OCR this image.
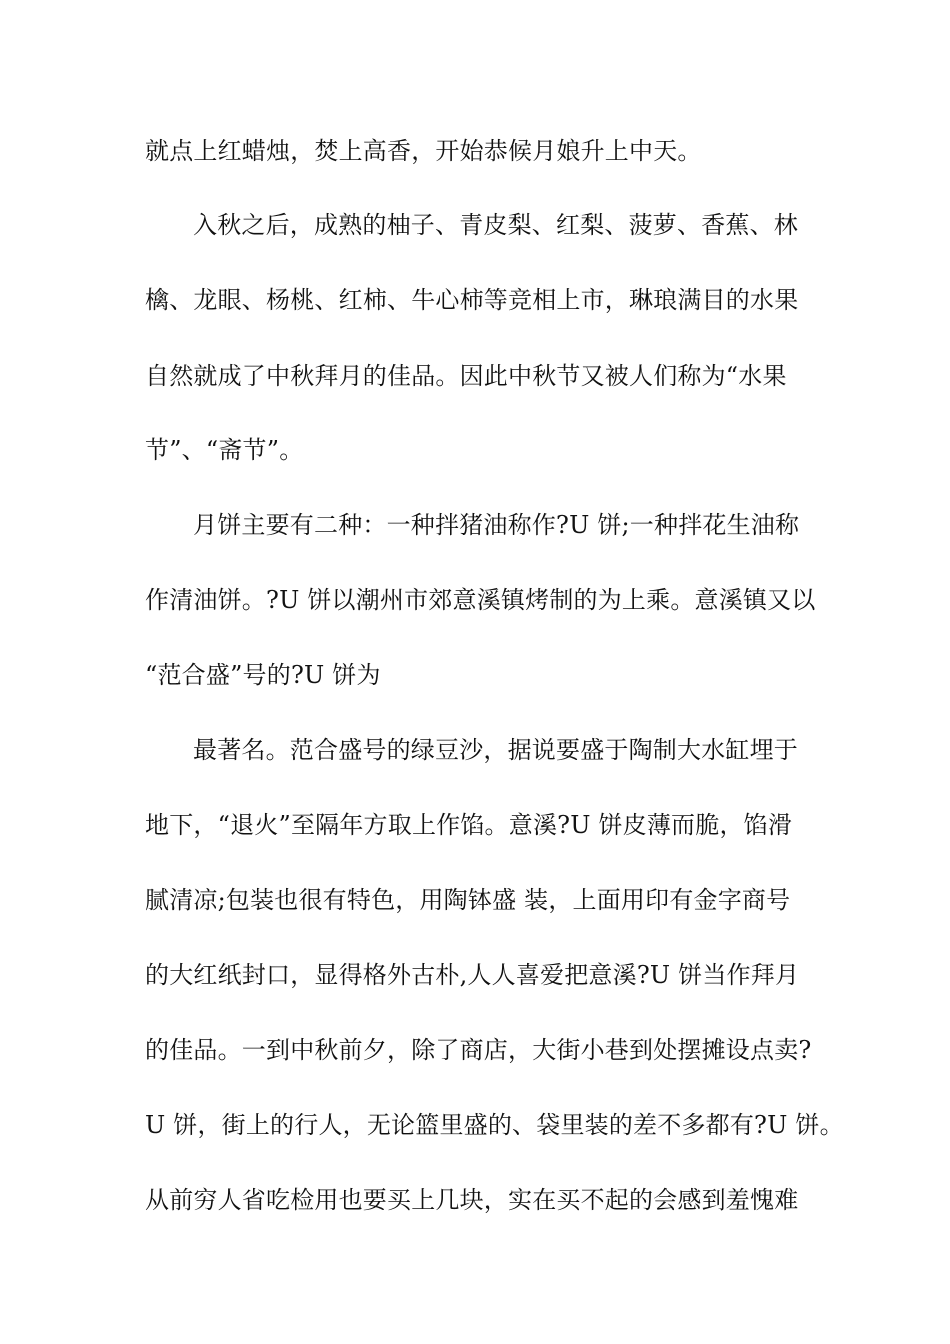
就点上红蜡烛，焚上高香，开始恭候月娘升上中天。
入秋之后，成熟的柚子、青皮梨、红梨、菠萝、香蕉、林
檎、龙眼、杨桃、红柿、牛心柿等竞相上市，琳琅满目的水果
自然就成了中秋拜月的佳品。因此中秋节又被人们称为“水果
节”、“斋节”。
月饼主要有二种：一种拌猪油称作?U 饼;一种拌花生油称
作清油饼。?U 饼以潮州市郊意溪镇烤制的为上乘。意溪镇又以
“范合盛”号的?U 饼为
最著名。范合盛号的绿豆沙，据说要盛于陶制大水缸埋于
地下，“退火”至隔年方取上作馅。意溪?U 饼皮薄而脆，馅滑
腻清凉;包装也很有特色，用陶钵盛 装，上面用印有金字商号
的大红纸封口，显得格外古朴,人人喜爱把意溪?U 饼当作拜月
的佳品。一到中秋前夕，除了商店，大街小巷到处摆摊设点卖?
U 饼，街上的行人，无论篮里盛的、袋里装的差不多都有?U 饼。
从前穷人省吃检用也要买上几块，实在买不起的会感到羞愧难
